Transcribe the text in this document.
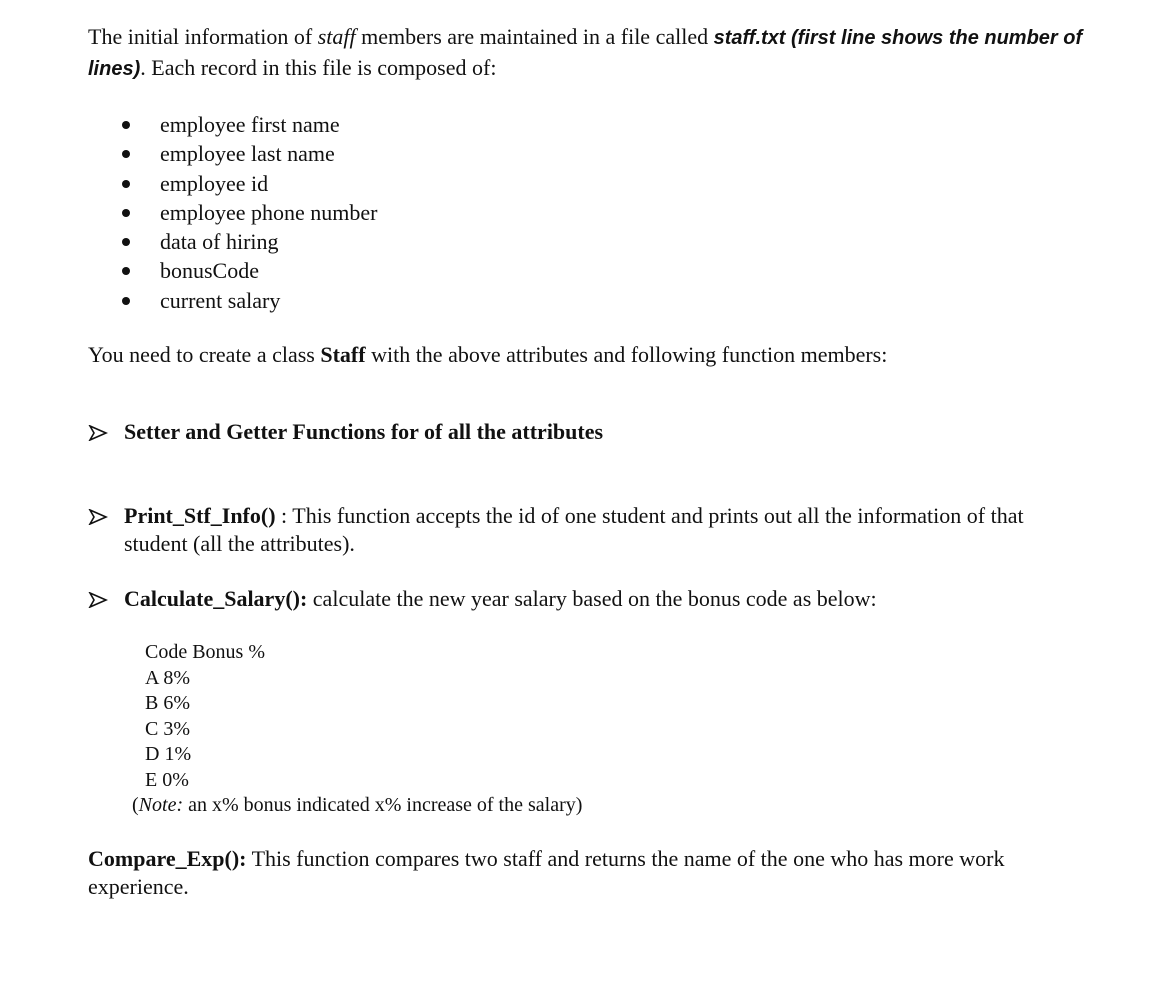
The initial information of staff members are maintained in a file called staff.txt (first line shows the number of lines). Each record in this file is composed of:
employee first name
employee last name
employee id
employee phone number
data of hiring
bonusCode
current salary
You need to create a class Staff with the above attributes and following function members:
Setter and Getter Functions for of all the attributes
Print_Stf_Info() : This function accepts the id of one student and prints out all the information of that student (all the attributes).
Calculate_Salary(): calculate the new year salary based on the bonus code as below:
Code Bonus %
A 8%
B 6%
C 3%
D 1%
E 0%
(Note: an x% bonus indicated x% increase of the salary)
Compare_Exp(): This function compares two staff and returns the name of the one who has more work experience.
